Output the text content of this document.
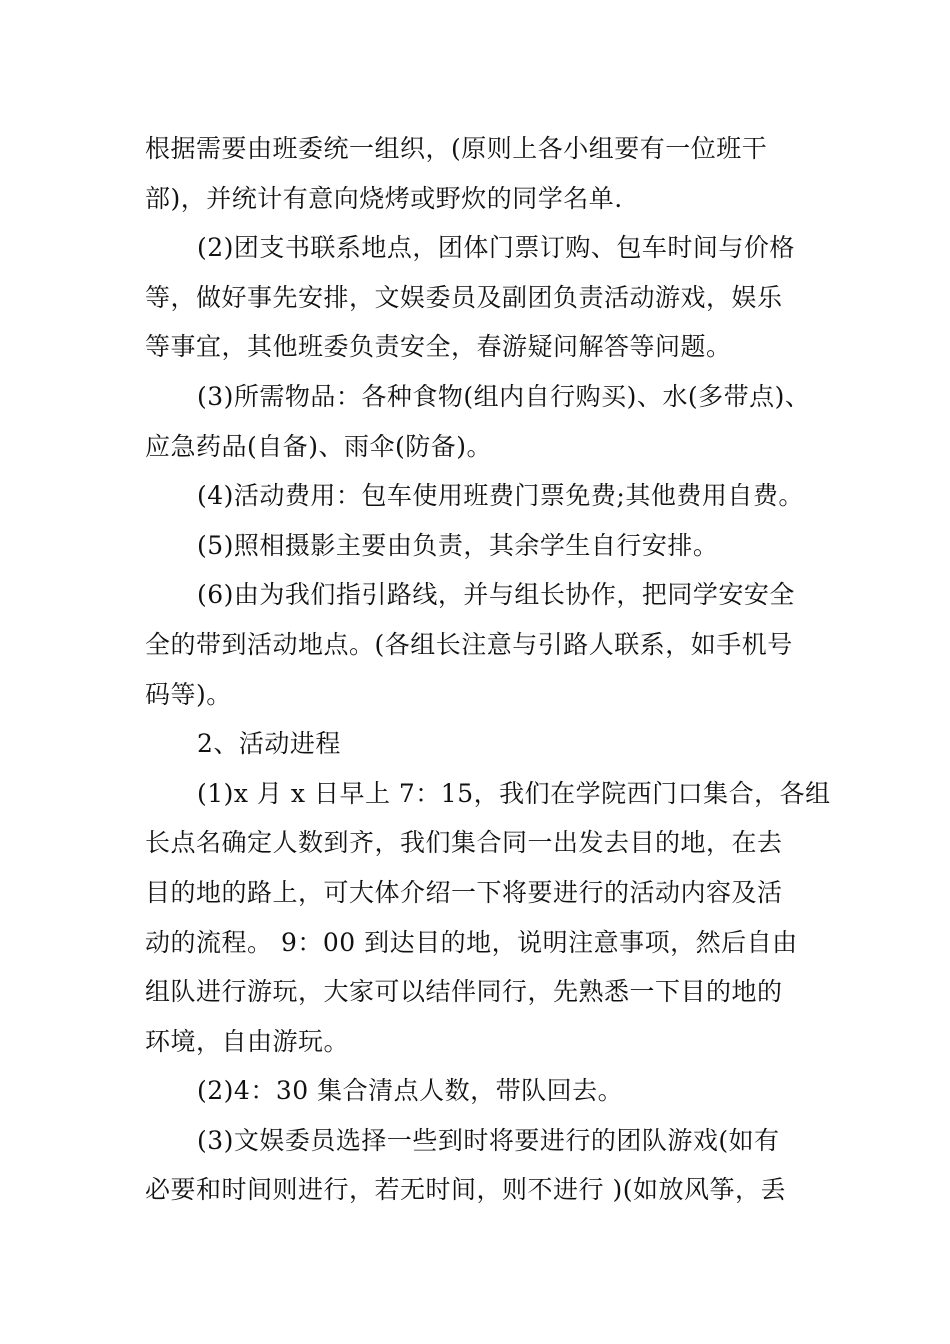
根据需要由班委统一组织，(原则上各小组要有一位班干
部)，并统计有意向烧烤或野炊的同学名单.
(2)团支书联系地点，团体门票订购、包车时间与价格
等，做好事先安排，文娱委员及副团负责活动游戏，娱乐
等事宜，其他班委负责安全，春游疑问解答等问题。
(3)所需物品：各种食物(组内自行购买)、水(多带点)、
应急药品(自备)、雨伞(防备)。
(4)活动费用：包车使用班费门票免费;其他费用自费。
(5)照相摄影主要由负责，其余学生自行安排。
(6)由为我们指引路线，并与组长协作，把同学安安全
全的带到活动地点。(各组长注意与引路人联系，如手机号
码等)。
2、活动进程
(1)x 月 x 日早上 7：15，我们在学院西门口集合，各组
长点名确定人数到齐，我们集合同一出发去目的地，在去
目的地的路上，可大体介绍一下将要进行的活动内容及活
动的流程。 9：00 到达目的地，说明注意事项，然后自由
组队进行游玩，大家可以结伴同行，先熟悉一下目的地的
环境，自由游玩。
(2)4：30 集合清点人数，带队回去。
(3)文娱委员选择一些到时将要进行的团队游戏(如有
必要和时间则进行，若无时间，则不进行 )(如放风筝，丢
